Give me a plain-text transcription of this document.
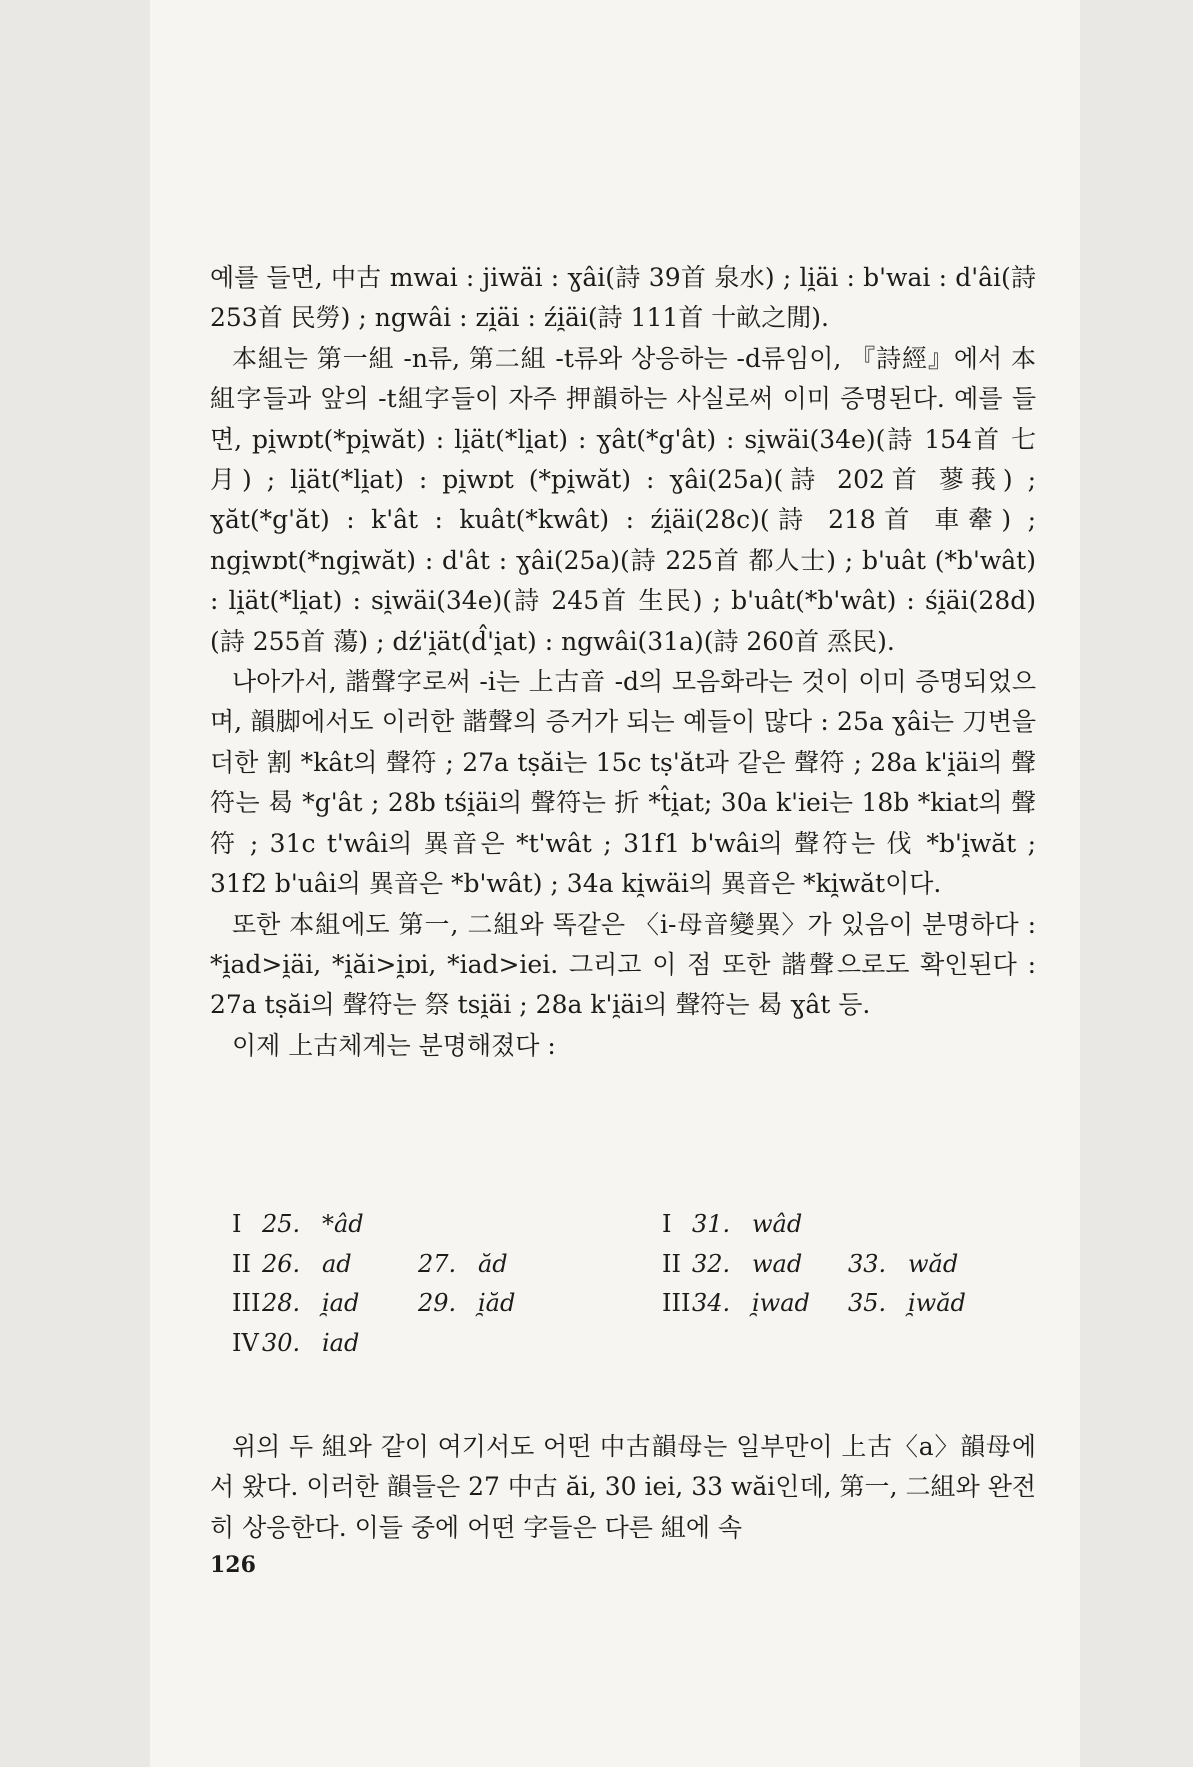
예를 들면, 中古 mwai : jiwäi : ɣâi(詩 39首 泉水) ; li̯äi : b'wai : d'âi(詩 253首 民勞) ; ngwâi : zi̯äi : źi̯äi(詩 111首 十畝之閒).

本組는 第一組 -n류, 第二組 -t류와 상응하는 -d류임이, 『詩經』에서 本組字들과 앞의 -t組字들이 자주 押韻하는 사실로써 이미 증명된다. 예를 들면, pi̯wɒt(*pi̯wăt) : li̯ät(*li̯at) : ɣât(*g'ât) : si̯wäi(34e)(詩 154首 七月) ; li̯ät(*li̯at) : pi̯wɒt (*pi̯wăt) : ɣâi(25a)(詩 202首 蓼莪) ; ɣăt(*g'ăt) : k'ât : kuât(*kwât) : źi̯äi(28c)(詩 218首 車舝) ; ngi̯wɒt(*ngi̯wăt) : d'ât : ɣâi(25a)(詩 225首 都人士) ; b'uât (*b'wât) : li̯ät(*li̯at) : si̯wäi(34e)(詩 245首 生民) ; b'uât(*b'wât) : śi̯äi(28d)(詩 255首 蕩) ; dź'i̯ät(d̂'i̯at) : ngwâi(31a)(詩 260首 烝民).

나아가서, 諧聲字로써 -i는 上古音 -d의 모음화라는 것이 이미 증명되었으며, 韻脚에서도 이러한 諧聲의 증거가 되는 예들이 많다 : 25a ɣâi는 刀변을 더한 割 *kât의 聲符 ; 27a tṣăi는 15c tṣ'ăt과 같은 聲符 ; 28a k'i̯äi의 聲符는 曷 *g'ât ; 28b tśi̯äi의 聲符는 折 *t̂i̯at; 30a k'iei는 18b *kiat의 聲符 ; 31c t'wâi의 異音은 *t'wât ; 31f1 b'wâi의 聲符는 伐 *b'i̯wăt ; 31f2 b'uâi의 異音은 *b'wât) ; 34a ki̯wäi의 異音은 *ki̯wăt이다.

또한 本組에도 第一, 二組와 똑같은 〈i-母音變異〉가 있음이 분명하다 : *i̯ad>i̯äi, *i̯ăi>i̯ɒi, *iad>iei. 그리고 이 점 또한 諧聲으로도 확인된다 : 27a tṣăi의 聲符는 祭 tsi̯äi ; 28a k'i̯äi의 聲符는 曷 ɣât 등.

이제 上古체계는 분명해졌다 :

I 25. *âd	I 31. wâd
II 26. ad	27. ăd	II 32. wad	33. wăd
III 28. i̯ad	29. i̯ăd	III 34. i̯wad	35. i̯wăd
IV 30. iad

위의 두 組와 같이 여기서도 어떤 中古韻母는 일부만이 上古〈a〉韻母에서 왔다. 이러한 韻들은 27 中古 ăi, 30 iei, 33 wăi인데, 第一, 二組와 완전히 상응한다. 이들 중에 어떤 字들은 다른 組에 속

126
